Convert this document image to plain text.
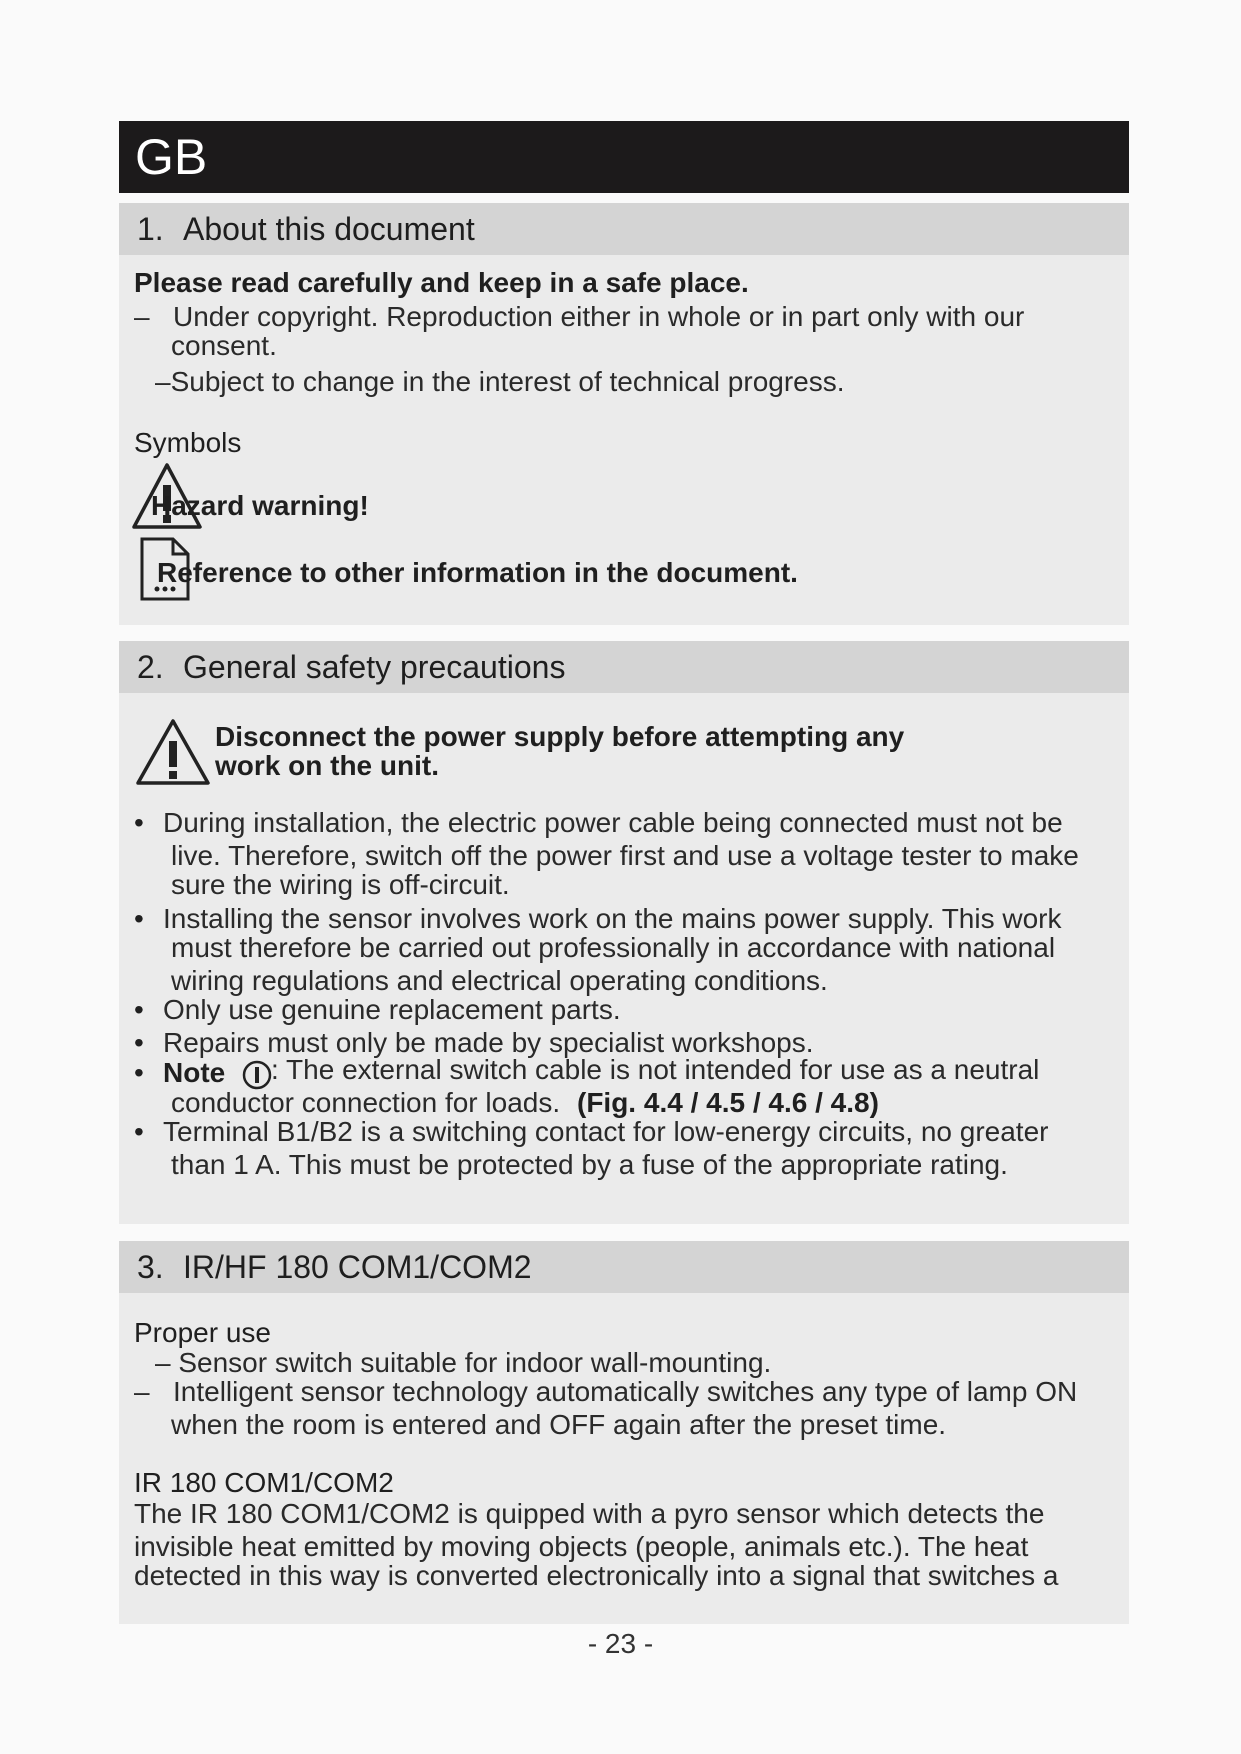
GB
1. About this document
Please read carefully and keep in a safe place.
– Under copyright. Reproduction either in whole or in part only with our
consent.
–Subject to change in the interest of technical progress.
Symbols
Hazard warning!
Reference to other information in the document.
2. General safety precautions
Disconnect the power supply before attempting any
work on the unit.
• During installation, the electric power cable being connected must not be
live. Therefore, switch off the power first and use a voltage tester to make
sure the wiring is off-circuit.
• Installing the sensor involves work on the mains power supply. This work
must therefore be carried out professionally in accordance with national
wiring regulations and electrical operating conditions.
• Only use genuine replacement parts.
• Repairs must only be made by specialist workshops.
• Note : The external switch cable is not intended for use as a neutral
conductor connection for loads. (Fig. 4.4 / 4.5 / 4.6 / 4.8)
• Terminal B1/B2 is a switching contact for low-energy circuits, no greater
than 1 A. This must be protected by a fuse of the appropriate rating.
3. IR/HF 180 COM1/COM2
Proper use
– Sensor switch suitable for indoor wall-mounting.
– Intelligent sensor technology automatically switches any type of lamp ON
when the room is entered and OFF again after the preset time.
IR 180 COM1/COM2
The IR 180 COM1/COM2 is quipped with a pyro sensor which detects the
invisible heat emitted by moving objects (people, animals etc.). The heat
detected in this way is converted electronically into a signal that switches a
- 23 -
